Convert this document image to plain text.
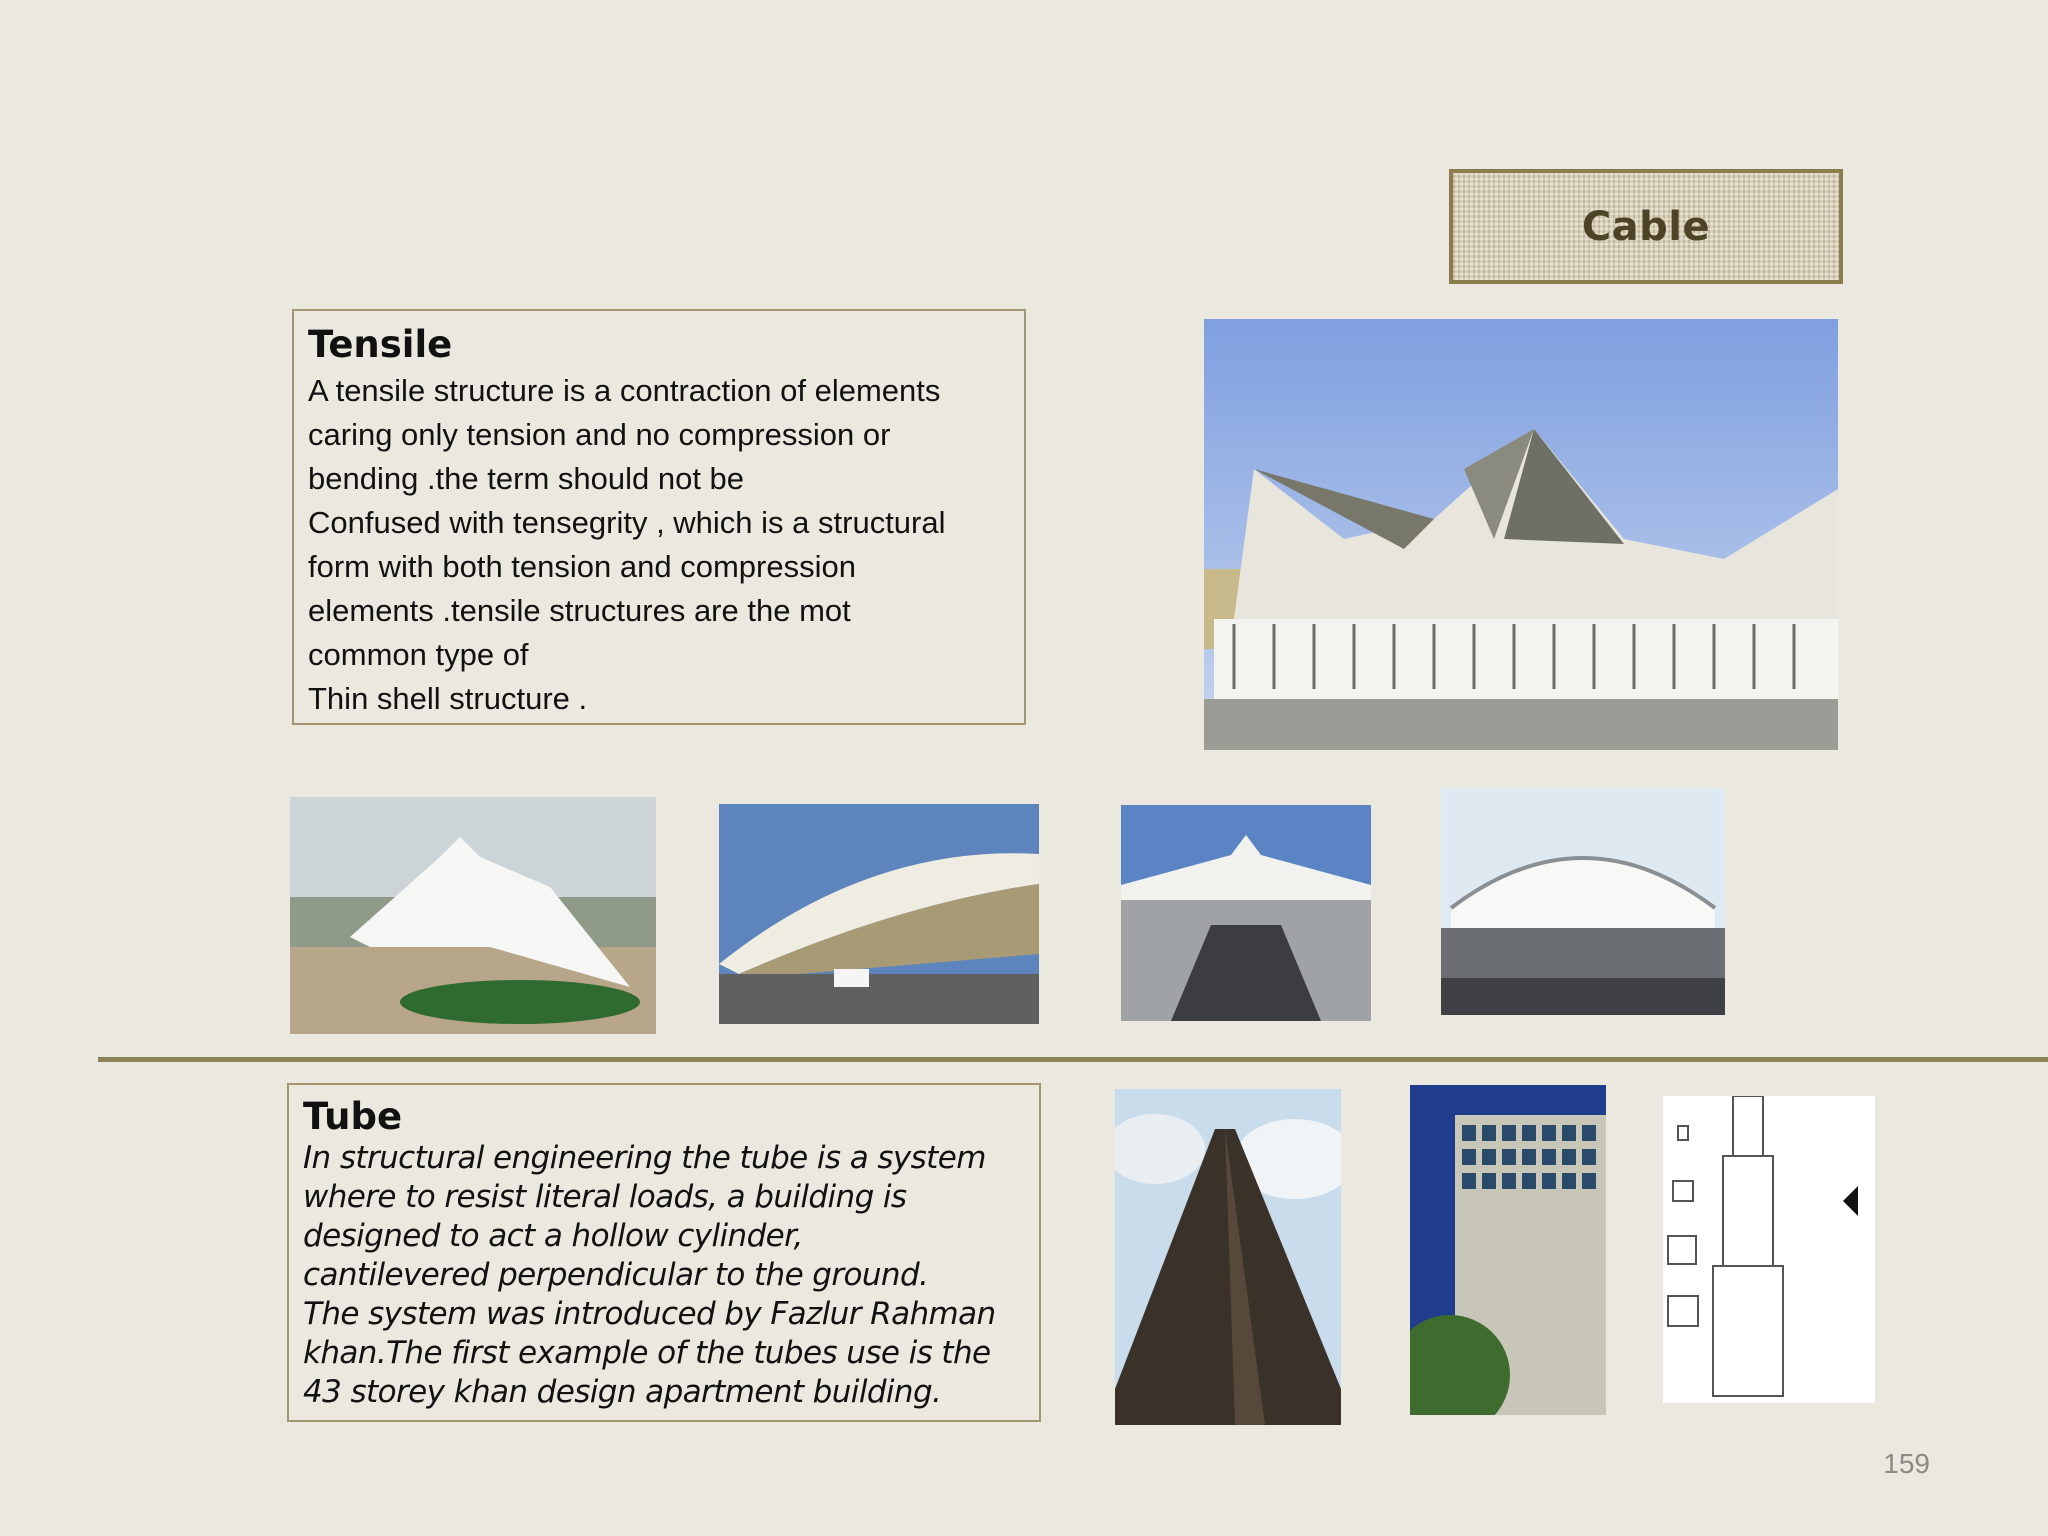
Cable
Tensile

A tensile structure is a contraction of elements
caring only tension and no compression or
bending .the term should not be
Confused with tensegrity , which is a structural
form with both tension and compression
elements .tensile structures are the mot
common type of
Thin shell structure .

Tube

In structural engineering the tube is a system
where to resist literal loads, a building is
designed to act a hollow cylinder,
cantilevered perpendicular to the ground.
The system was introduced by Fazlur Rahman
khan.The first example of the tubes use is the
43 storey khan design apartment building.

159
